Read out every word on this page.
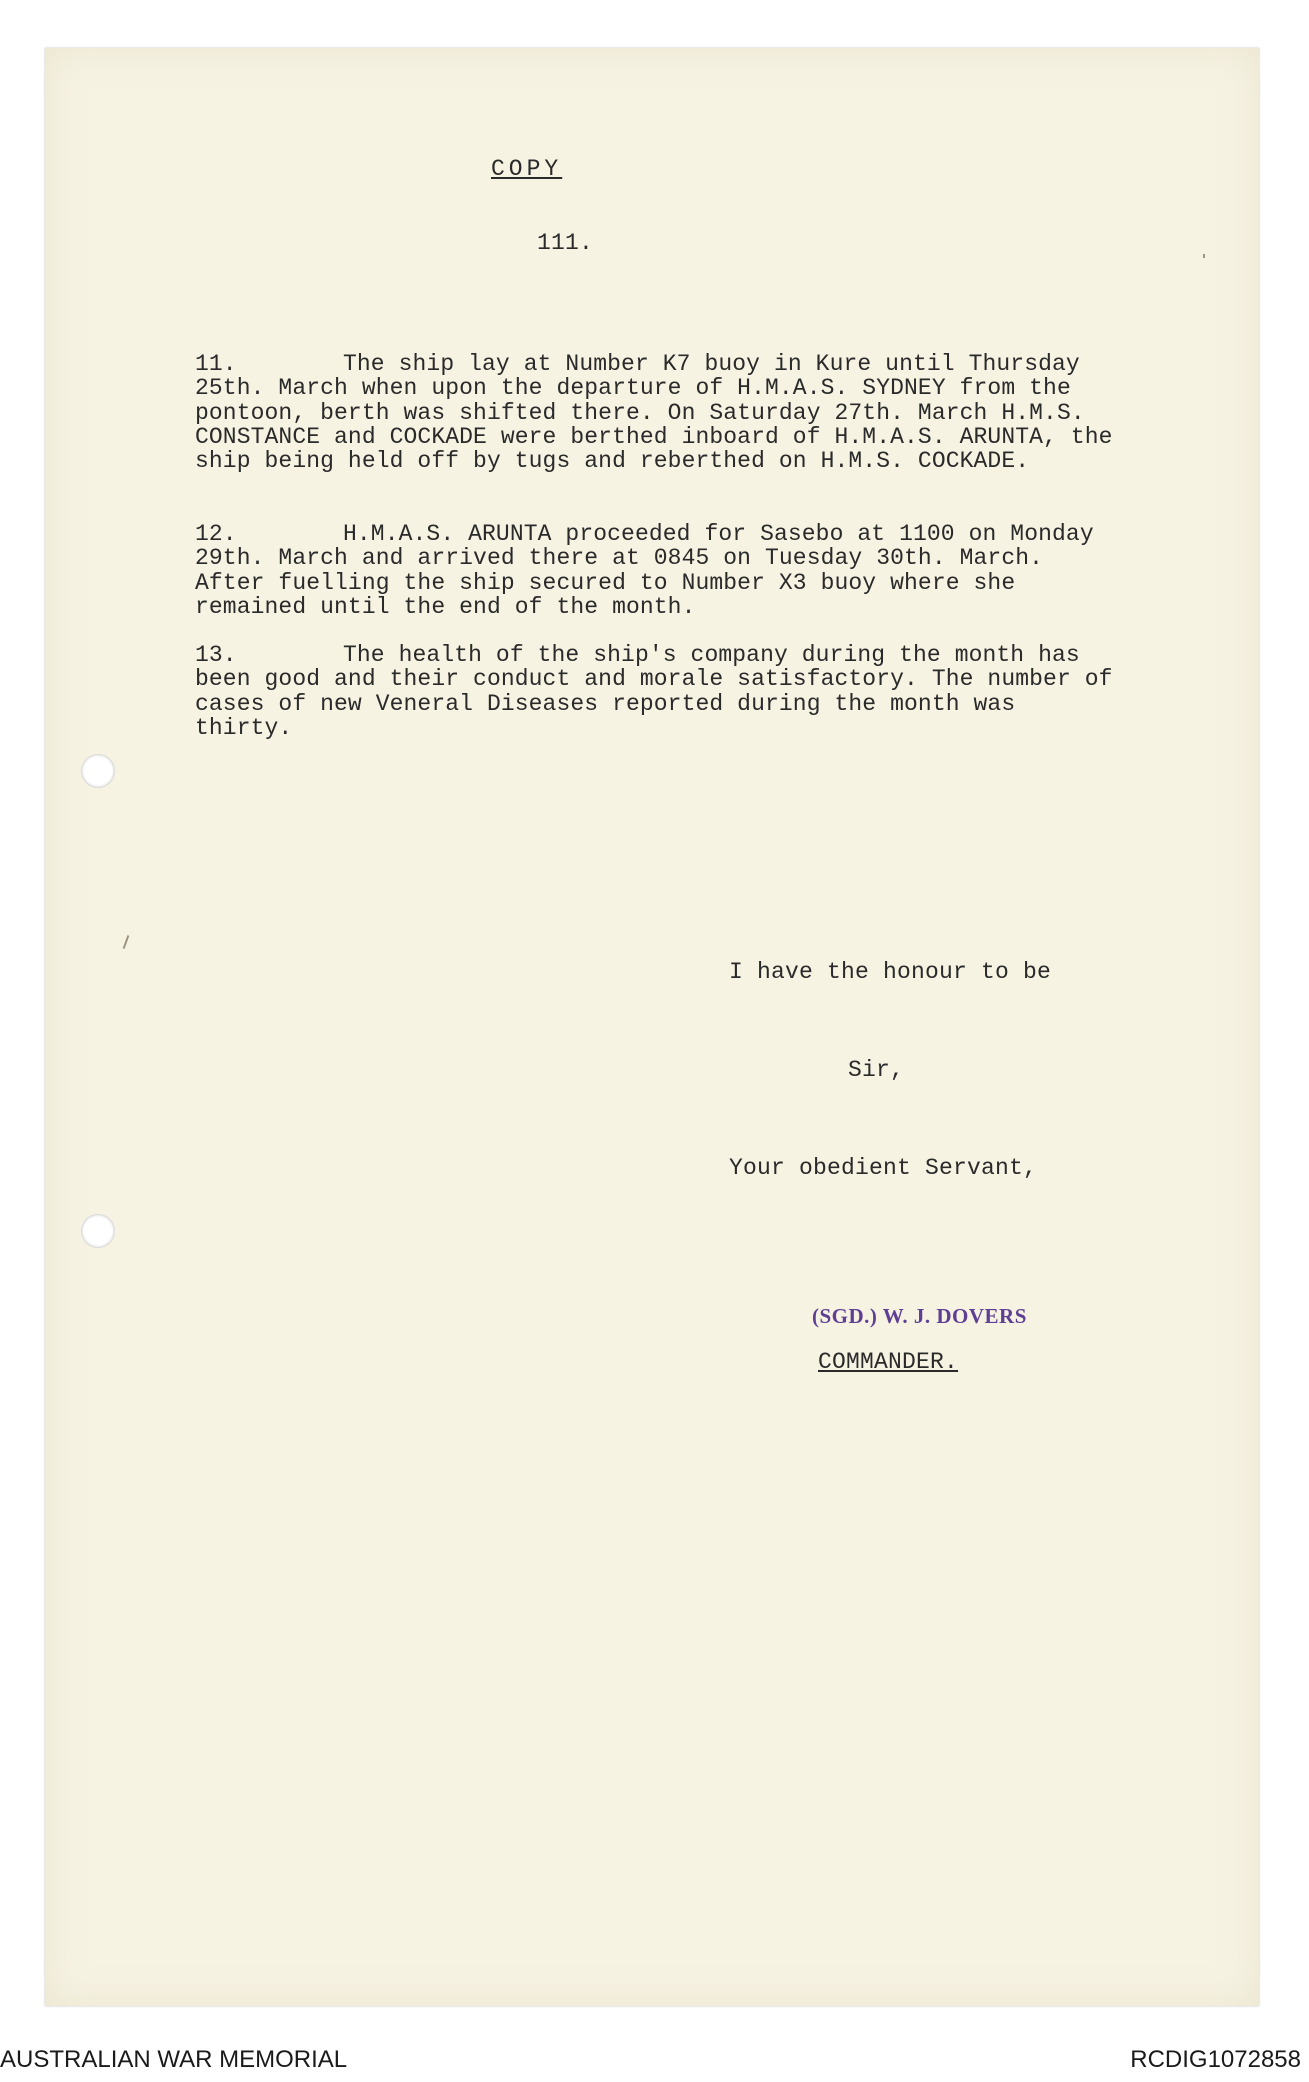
COPY
111.
11.	The ship lay at Number K7 buoy in Kure until Thursday 25th. March when upon the departure of H.M.A.S. SYDNEY from the pontoon, berth was shifted there. On Saturday 27th. March H.M.S. CONSTANCE and COCKADE were berthed inboard of H.M.A.S. ARUNTA, the ship being held off by tugs and reberthed on H.M.S. COCKADE.
12.	H.M.A.S. ARUNTA proceeded for Sasebo at 1100 on Monday 29th. March and arrived there at 0845 on Tuesday 30th. March. After fuelling the ship secured to Number X3 buoy where she remained until the end of the month.
13.	The health of the ship's company during the month has been good and their conduct and morale satisfactory. The number of cases of new Veneral Diseases reported during the month was thirty.
I have the honour to be
Sir,
Your obedient Servant,
(SGD.) W. J. DOVERS
COMMANDER.
AUSTRALIAN WAR MEMORIAL	RCDIG1072858
